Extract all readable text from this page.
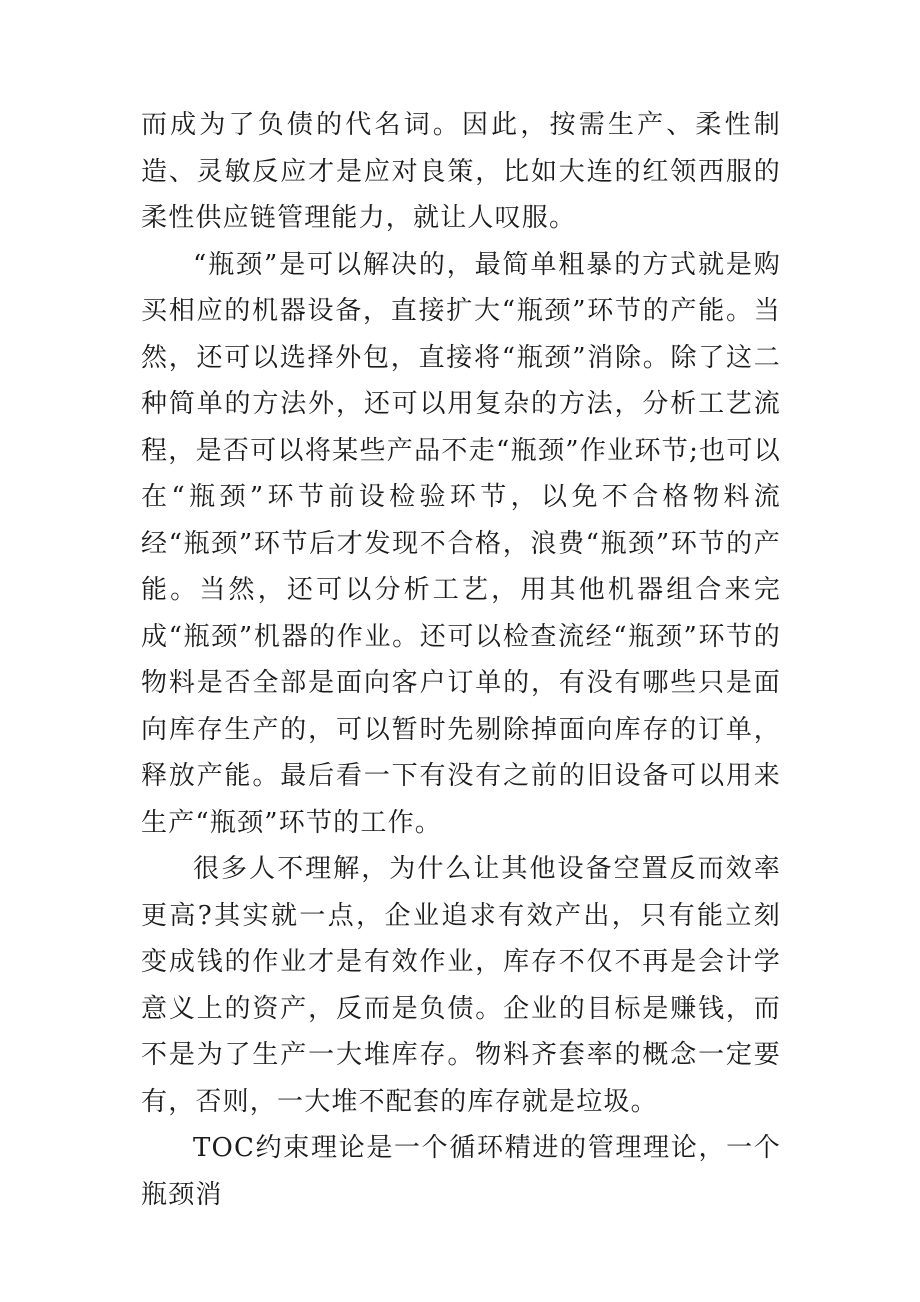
而成为了负债的代名词。因此，按需生产、柔性制造、灵敏反应才是应对良策，比如大连的红领西服的柔性供应链管理能力，就让人叹服。

“瓶颈”是可以解决的，最简单粗暴的方式就是购买相应的机器设备，直接扩大“瓶颈”环节的产能。当然，还可以选择外包，直接将“瓶颈”消除。除了这二种简单的方法外，还可以用复杂的方法，分析工艺流程，是否可以将某些产品不走“瓶颈”作业环节;也可以在“瓶颈”环节前设检验环节，以免不合格物料流经“瓶颈”环节后才发现不合格，浪费“瓶颈”环节的产能。当然，还可以分析工艺，用其他机器组合来完成“瓶颈”机器的作业。还可以检查流经“瓶颈”环节的物料是否全部是面向客户订单的，有没有哪些只是面向库存生产的，可以暂时先剔除掉面向库存的订单，释放产能。最后看一下有没有之前的旧设备可以用来生产“瓶颈”环节的工作。

很多人不理解，为什么让其他设备空置反而效率更高?其实就一点，企业追求有效产出，只有能立刻变成钱的作业才是有效作业，库存不仅不再是会计学意义上的资产，反而是负债。企业的目标是赚钱，而不是为了生产一大堆库存。物料齐套率的概念一定要有，否则，一大堆不配套的库存就是垃圾。

TOC约束理论是一个循环精进的管理理论，一个瓶颈消
